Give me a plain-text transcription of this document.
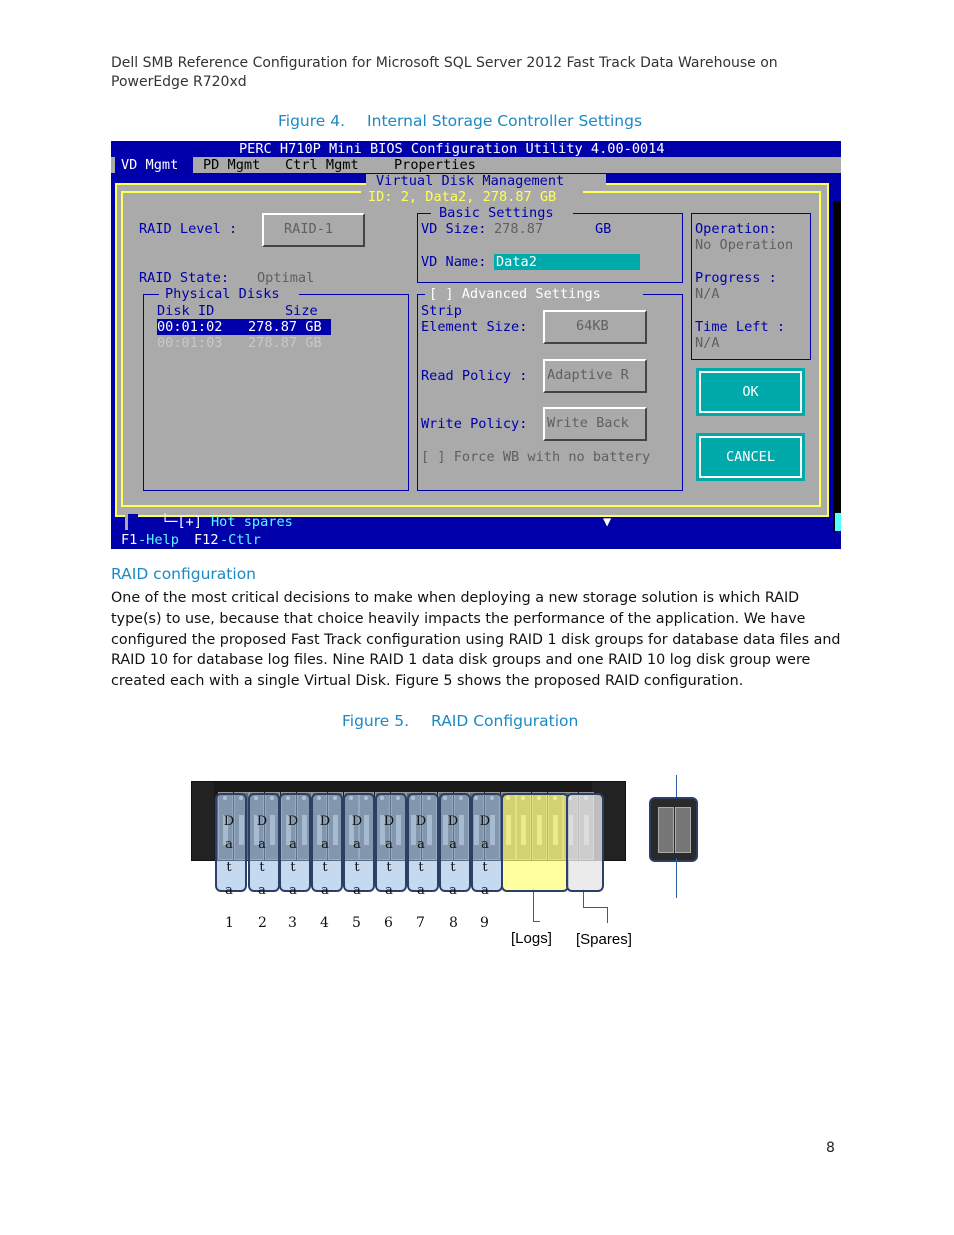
Dell SMB Reference Configuration for Microsoft SQL Server 2012 Fast Track Data Warehouse on
PowerEdge R720xd
Figure 4. Internal Storage Controller Settings
PERC H710P Mini BIOS Configuration Utility 4.00-0014
VD Mgmt PD Mgmt Ctrl Mgmt	Properties
Virtual Disk Management
ID: 2, Data2, 278.87 GB
RAID Level :	RAID-1
RAID State: Optimal
Physical Disks
Disk ID	Size
00:01:02 278.87 GB
00:01:03 278.87 GB
Basic Settings
VD Size: 278.87	GB
VD Name: Data2
Operation:
No Operation
Progress :
N/A
Time Left :
N/A
[ ] Advanced Settings
Strip
Element Size:	64KB
Read Policy : Adaptive R
Write Policy: Write Back
[ ] Force WB with no battery
OK
CANCEL
└─[+] Hot spares	▼
F1 -Help F12 -Ctlr
RAID configuration
One of the most critical decisions to make when deploying a new storage solution is which RAID type(s) to use, because that choice heavily impacts the performance of the application. We have configured the proposed Fast Track configuration using RAID 1 disk groups for database data files and RAID 10 for database log files. Nine RAID 1 data disk groups and one RAID 10 log disk group were created each with a single Virtual Disk. Figure 5 shows the proposed RAID configuration.
Figure 5. RAID Configuration
[Logs] [Spares]
8
D
a
t
a
1
D
a
t
a
2
D
a
t
a
3
D
a
t
a
4
D
a
t
a
5
D
a
t
a
6
D
a
t
a
7
D
a
t
a
8
D
a
t
a
9
